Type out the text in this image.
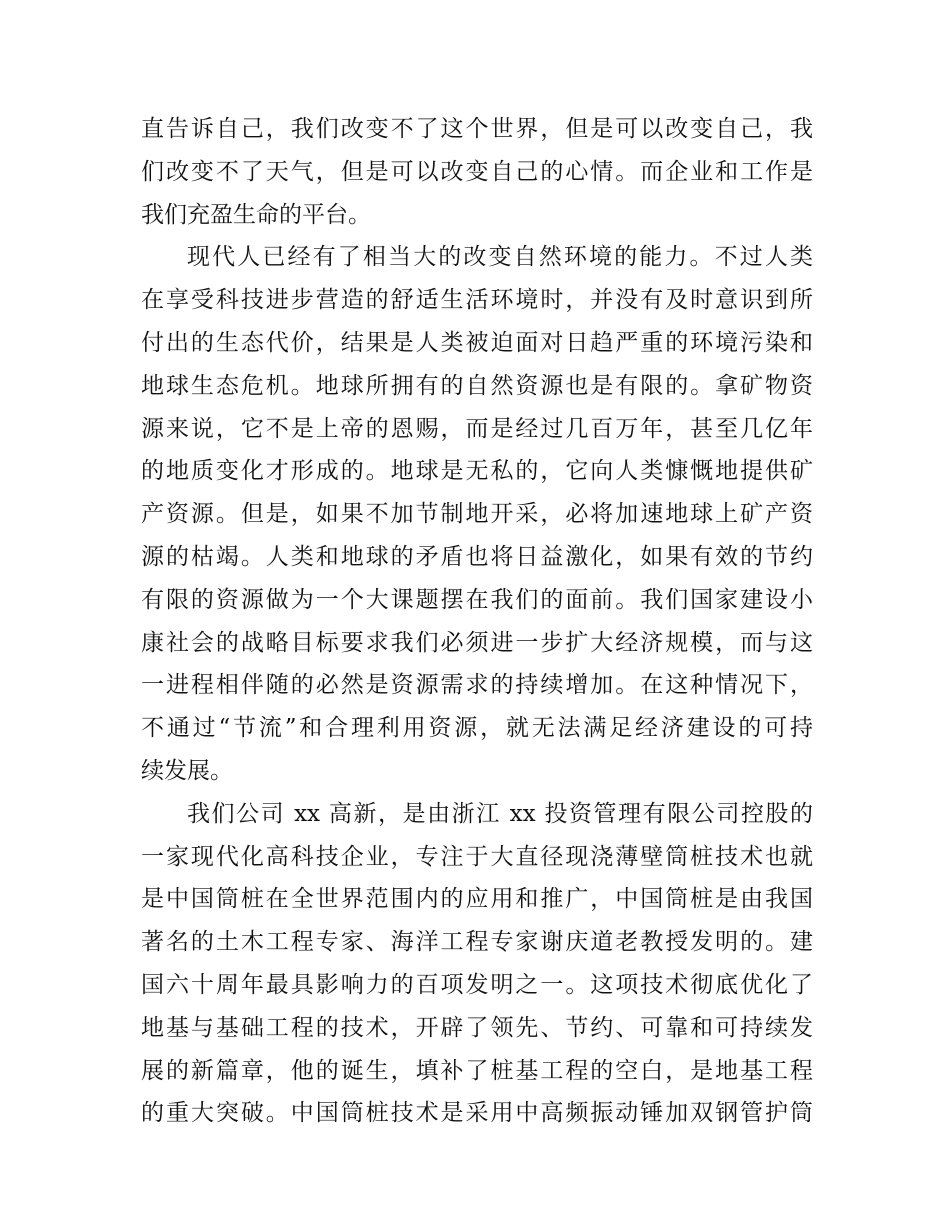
直告诉自己，我们改变不了这个世界，但是可以改变自己，我
们改变不了天气，但是可以改变自己的心情。而企业和工作是
我们充盈生命的平台。
现代人已经有了相当大的改变自然环境的能力。不过人类
在享受科技进步营造的舒适生活环境时，并没有及时意识到所
付出的生态代价，结果是人类被迫面对日趋严重的环境污染和
地球生态危机。地球所拥有的自然资源也是有限的。拿矿物资
源来说，它不是上帝的恩赐，而是经过几百万年，甚至几亿年
的地质变化才形成的。地球是无私的，它向人类慷慨地提供矿
产资源。但是，如果不加节制地开采，必将加速地球上矿产资
源的枯竭。人类和地球的矛盾也将日益激化，如果有效的节约
有限的资源做为一个大课题摆在我们的面前。我们国家建设小
康社会的战略目标要求我们必须进一步扩大经济规模，而与这
一进程相伴随的必然是资源需求的持续增加。在这种情况下，
不通过“节流”和合理利用资源，就无法满足经济建设的可持
续发展。
我们公司 xx 高新，是由浙江 xx 投资管理有限公司控股的
一家现代化高科技企业，专注于大直径现浇薄壁筒桩技术也就
是中国筒桩在全世界范围内的应用和推广，中国筒桩是由我国
著名的土木工程专家、海洋工程专家谢庆道老教授发明的。建
国六十周年最具影响力的百项发明之一。这项技术彻底优化了
地基与基础工程的技术，开辟了领先、节约、可靠和可持续发
展的新篇章，他的诞生，填补了桩基工程的空白，是地基工程
的重大突破。中国筒桩技术是采用中高频振动锤加双钢管护筒
